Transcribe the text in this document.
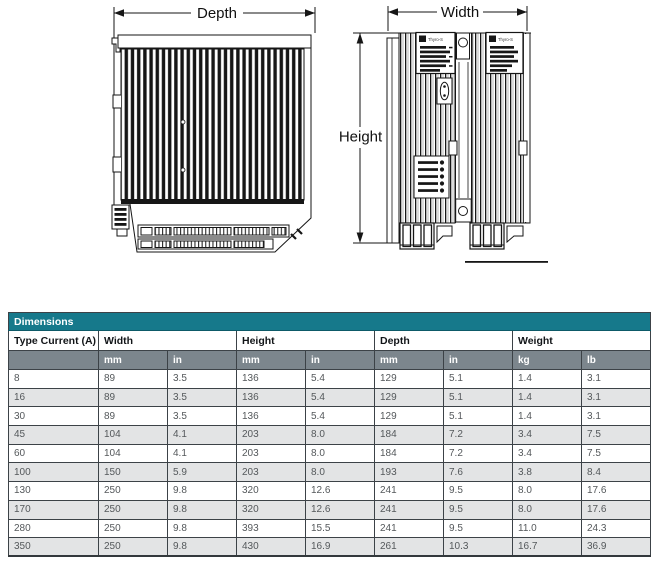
Depth	Width
Height
Thyro-S	Thyro-S
Dimensions								
Type Current (A)	Width		Height		Depth		Weight	
	mm	in	mm	in	mm	in	kg	lb
8	89	3.5	136	5.4	129	5.1	1.4	3.1
16	89	3.5	136	5.4	129	5.1	1.4	3.1
30	89	3.5	136	5.4	129	5.1	1.4	3.1
45	104	4.1	203	8.0	184	7.2	3.4	7.5
60	104	4.1	203	8.0	184	7.2	3.4	7.5
100	150	5.9	203	8.0	193	7.6	3.8	8.4
130	250	9.8	320	12.6	241	9.5	8.0	17.6
170	250	9.8	320	12.6	241	9.5	8.0	17.6
280	250	9.8	393	15.5	241	9.5	11.0	24.3
350	250	9.8	430	16.9	261	10.3	16.7	36.9
